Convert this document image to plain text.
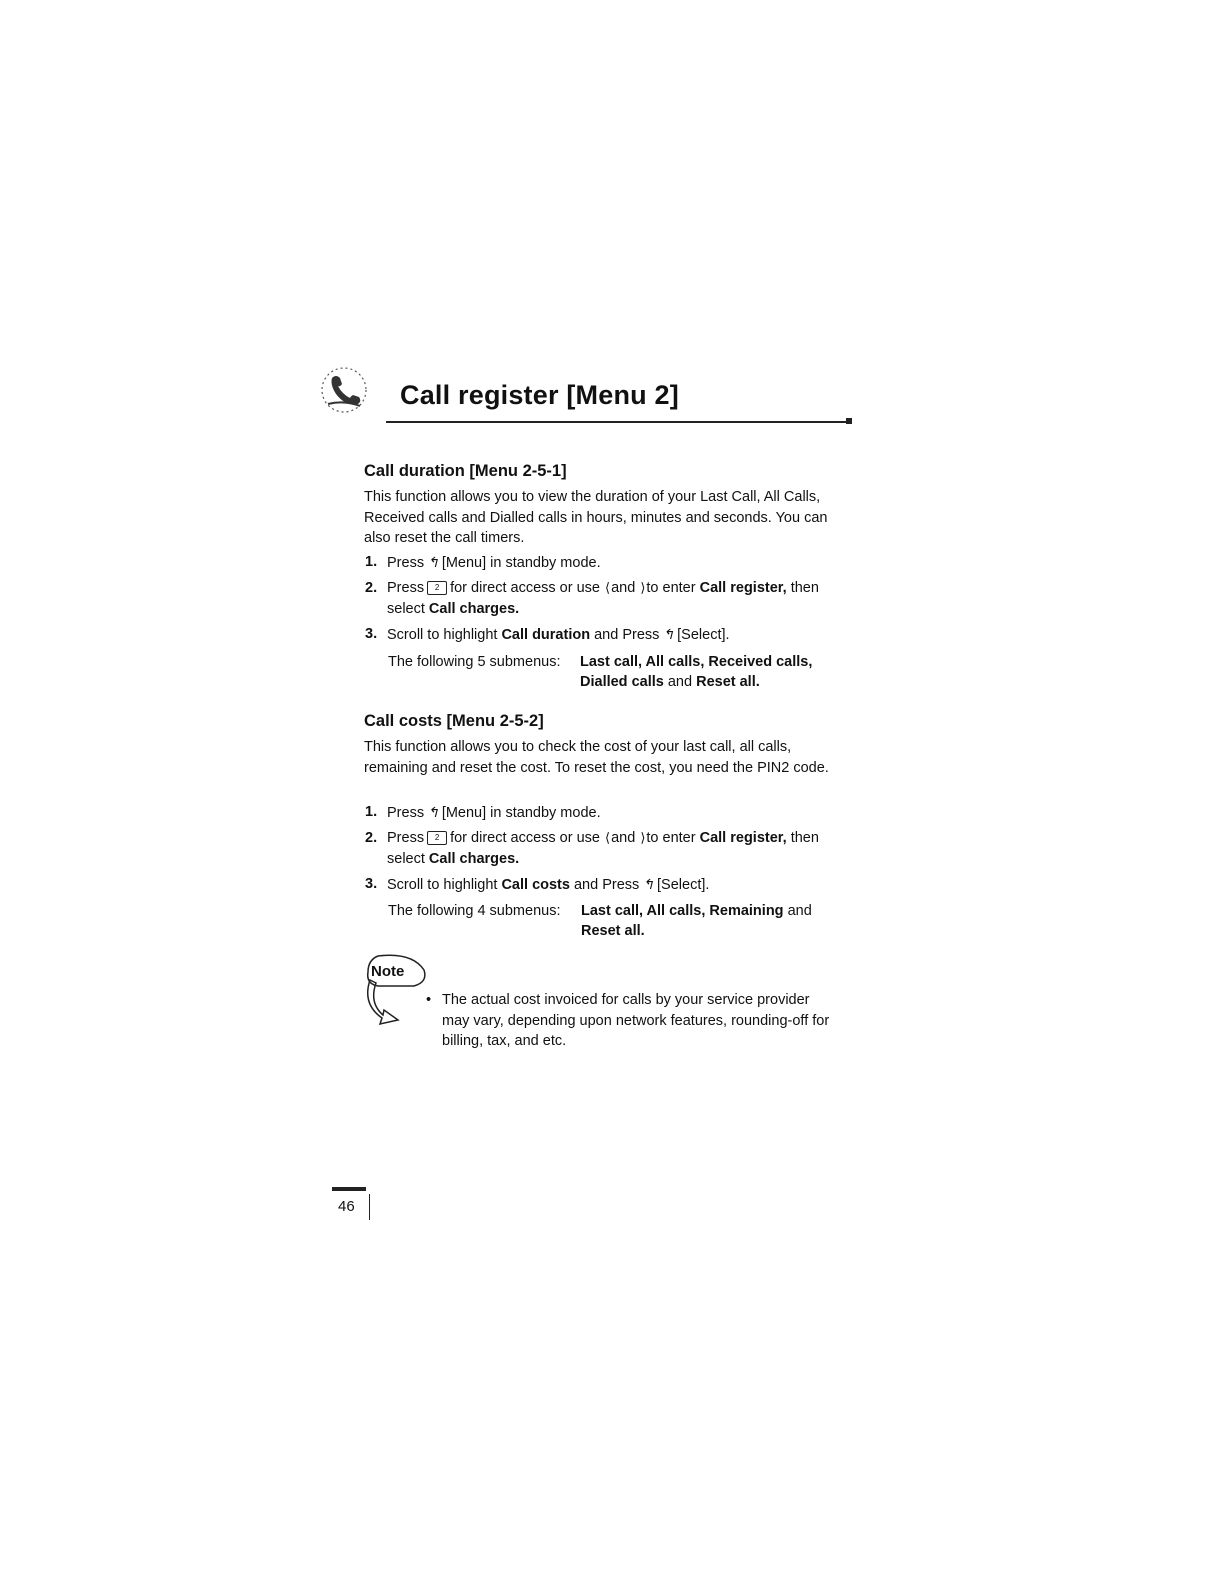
Call register [Menu 2]
Call duration [Menu 2-5-1]
This function allows you to view the duration of your Last Call, All Calls, Received calls and Dialled calls in hours, minutes and seconds. You can also reset the call timers.
1. Press ↰ [Menu] in standby mode.
2. Press 2 for direct access or use ⟨and ⟩to enter Call register, then select Call charges.
3. Scroll to highlight Call duration and Press ↰ [Select].
The following 5 submenus: Last call, All calls, Received calls,
Dialled calls and Reset all.
Call costs [Menu 2-5-2]
This function allows you to check the cost of your last call, all calls, remaining and reset the cost. To reset the cost, you need the PIN2 code.
1. Press ↰ [Menu] in standby mode.
2. Press 2 for direct access or use ⟨and ⟩to enter Call register, then select Call charges.
3. Scroll to highlight Call costs and Press ↰ [Select].
The following 4 submenus: Last call, All calls, Remaining and
Reset all.
Note
• The actual cost invoiced for calls by your service provider may vary, depending upon network features, rounding-off for billing, tax, and etc.
46
